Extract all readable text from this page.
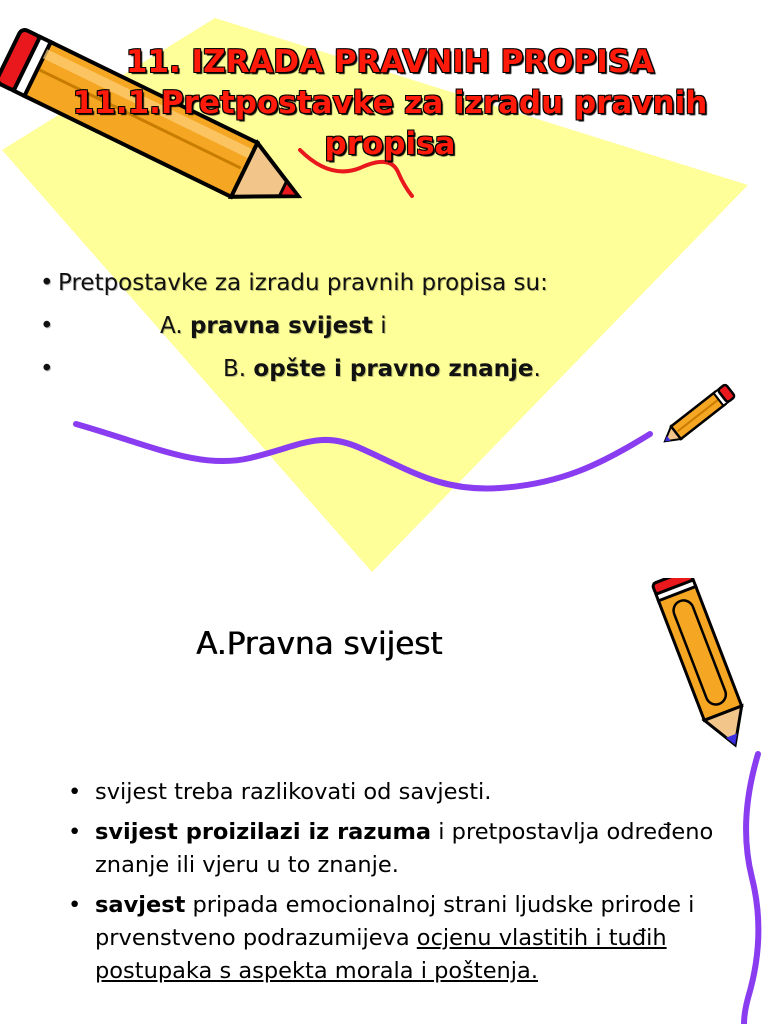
11. IZRADA PRAVNIH PROPISA
11.1.Pretpostavke za izradu pravnih
propisa
• Pretpostavke za izradu pravnih propisa su:
•	A. pravna svijest i
•	B. opšte i pravno znanje.
A.Pravna svijest
• svijest treba razlikovati od savjesti.
• svijest proizilazi iz razuma i pretpostavlja određeno znanje ili vjeru u to znanje.
• savjest pripada emocionalnoj strani ljudske prirode i prvenstveno podrazumijeva ocjenu vlastitih i tuđih postupaka s aspekta morala i poštenja.
